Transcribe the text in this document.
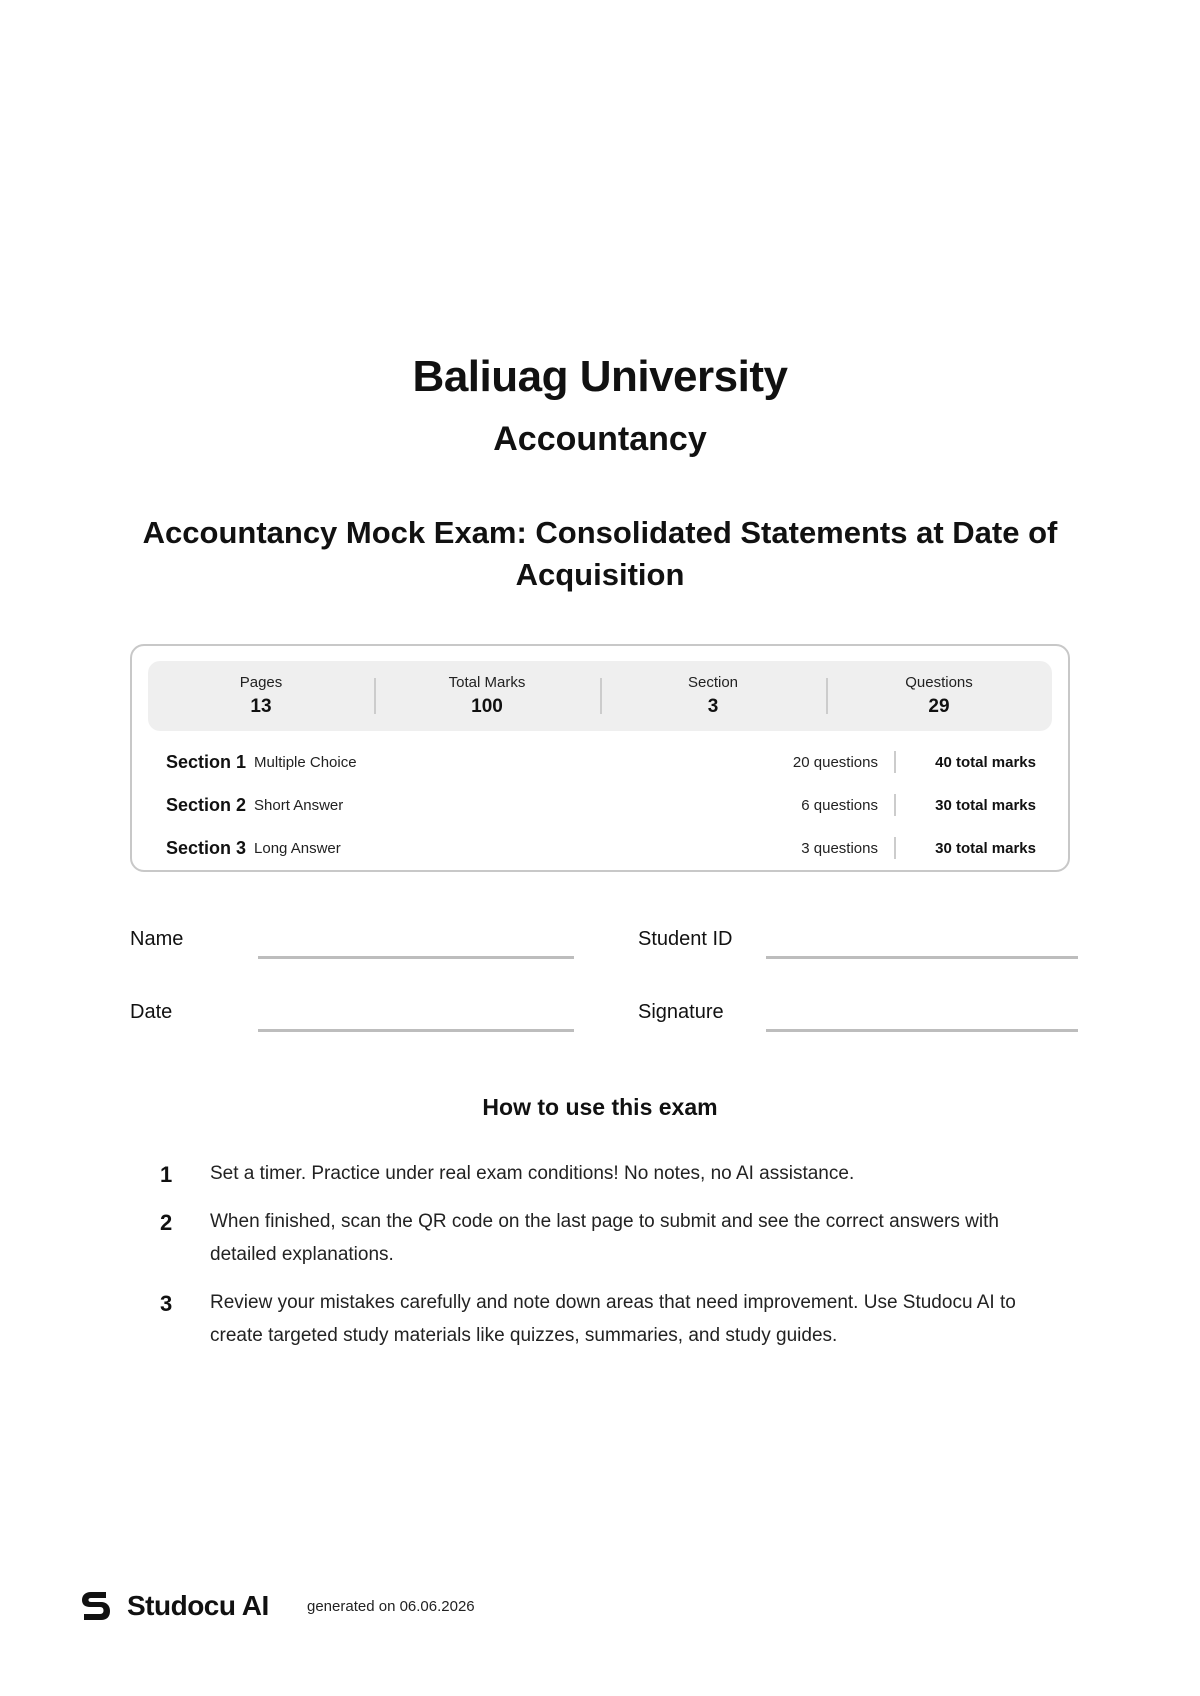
Baliuag University
Accountancy
Accountancy Mock Exam: Consolidated Statements at Date of Acquisition
Pages
13
Total Marks
100
Section
3
Questions
29
Section 1 Multiple Choice	20 questions	40 total marks
Section 2 Short Answer	6 questions	30 total marks
Section 3 Long Answer	3 questions	30 total marks
Name	Student ID
Date	Signature
How to use this exam
1	Set a timer. Practice under real exam conditions! No notes, no AI assistance.
2	When finished, scan the QR code on the last page to submit and see the correct answers with detailed explanations.
3	Review your mistakes carefully and note down areas that need improvement. Use Studocu AI to create targeted study materials like quizzes, summaries, and study guides.
Studocu AI	generated on 06.06.2026
